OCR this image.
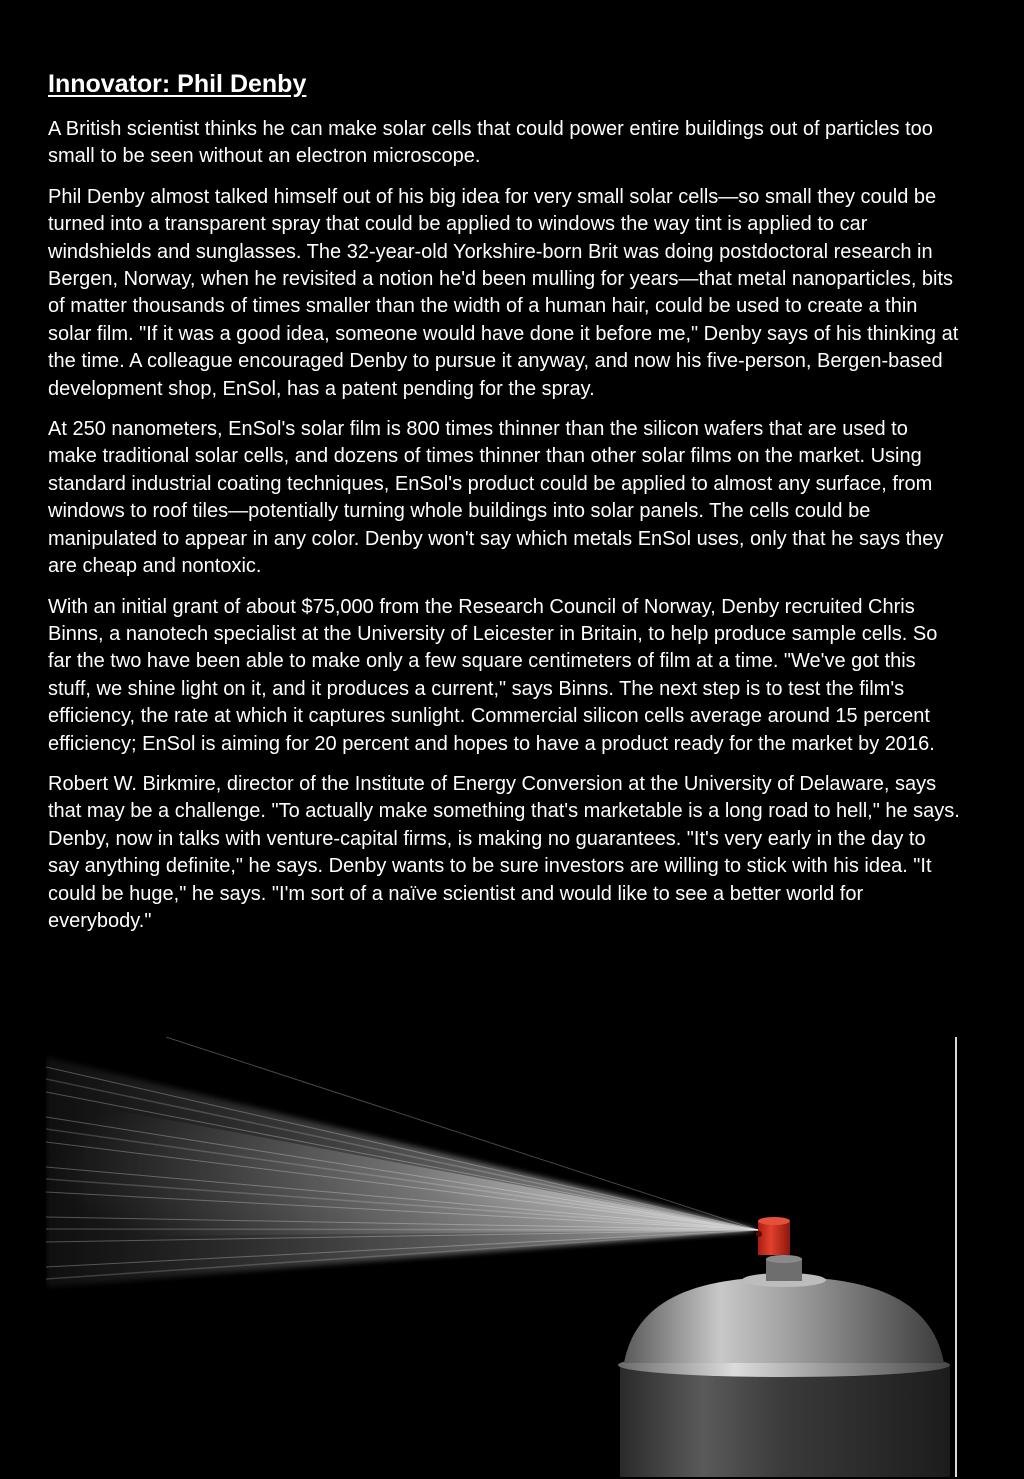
Innovator: Phil Denby

A British scientist thinks he can make solar cells that could power entire buildings out of particles too small to be seen without an electron microscope.

Phil Denby almost talked himself out of his big idea for very small solar cells—so small they could be turned into a transparent spray that could be applied to windows the way tint is applied to car windshields and sunglasses. The 32-year-old Yorkshire-born Brit was doing postdoctoral research in Bergen, Norway, when he revisited a notion he'd been mulling for years—that metal nanoparticles, bits of matter thousands of times smaller than the width of a human hair, could be used to create a thin solar film. "If it was a good idea, someone would have done it before me," Denby says of his thinking at the time. A colleague encouraged Denby to pursue it anyway, and now his five-person, Bergen-based development shop, EnSol, has a patent pending for the spray.

At 250 nanometers, EnSol's solar film is 800 times thinner than the silicon wafers that are used to make traditional solar cells, and dozens of times thinner than other solar films on the market. Using standard industrial coating techniques, EnSol's product could be applied to almost any surface, from windows to roof tiles—potentially turning whole buildings into solar panels. The cells could be manipulated to appear in any color. Denby won't say which metals EnSol uses, only that he says they are cheap and nontoxic.

With an initial grant of about $75,000 from the Research Council of Norway, Denby recruited Chris Binns, a nanotech specialist at the University of Leicester in Britain, to help produce sample cells. So far the two have been able to make only a few square centimeters of film at a time. "We've got this stuff, we shine light on it, and it produces a current," says Binns. The next step is to test the film's efficiency, the rate at which it captures sunlight. Commercial silicon cells average around 15 percent efficiency; EnSol is aiming for 20 percent and hopes to have a product ready for the market by 2016.

Robert W. Birkmire, director of the Institute of Energy Conversion at the University of Delaware, says that may be a challenge. "To actually make something that's marketable is a long road to hell," he says. Denby, now in talks with venture-capital firms, is making no guarantees. "It's very early in the day to say anything definite," he says. Denby wants to be sure investors are willing to stick with his idea. "It could be huge," he says. "I'm sort of a naïve scientist and would like to see a better world for everybody."
